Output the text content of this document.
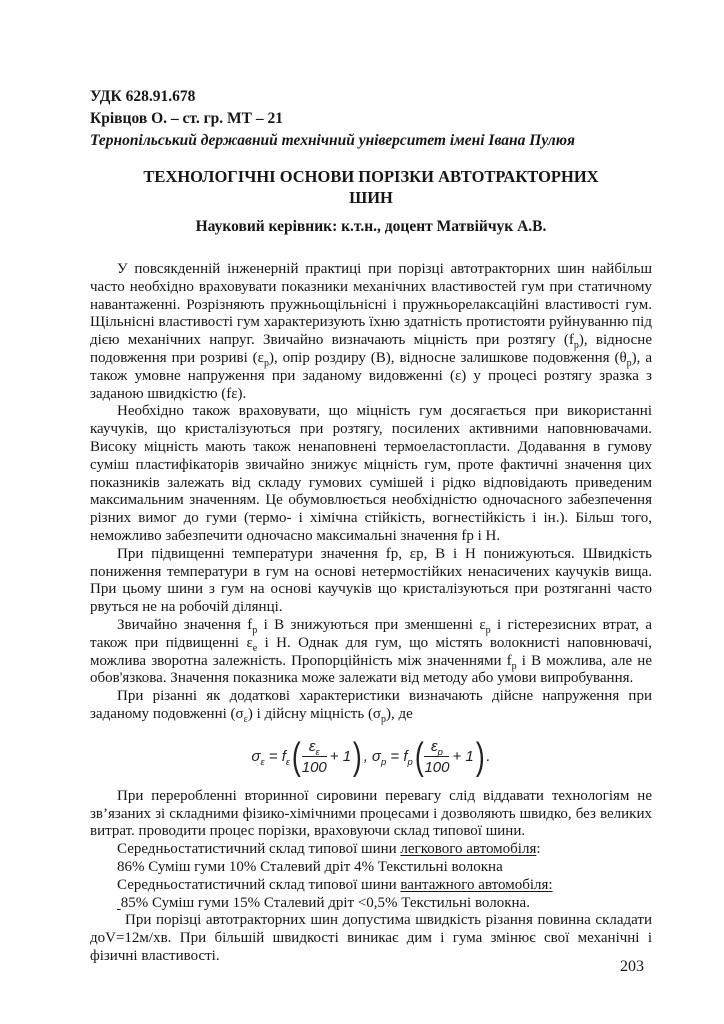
УДК 628.91.678
Крівцов О. – ст. гр. МТ – 21
Тернопільський державний технічний університет імені Івана Пулюя
ТЕХНОЛОГІЧНІ ОСНОВИ ПОРІЗКИ АВТОТРАКТОРНИХ
ШИН
Науковий керівник: к.т.н., доцент Матвійчук А.В.

У повсякденній інженерній практиці при порізці автотракторних шин найбільш часто необхідно враховувати показники механічних властивостей гум при статичному навантаженні. Розрізняють пружньощільнісні і пружньорелаксаційні властивості гум. Щільнісні властивості гум характеризують їхню здатність протистояти руйнуванню під дією механічних напруг. Звичайно визначають міцність при розтягу $(f_p)$, відносне подовження при розриві $(\varepsilon_p)$, опір роздиру (В), відносне залишкове подовження $(\theta_p)$, а також умовне напруження при заданому видовженні (ε) у процесі розтягу зразка з заданою швидкістю (fε).

Необхідно також враховувати, що міцність гум досягається при використанні каучуків, що кристалізуються при розтягу, посилених активними наповнювачами. Високу міцність мають також ненаповнені термоеластопласти. Додавання в гумову суміш пластифікаторів звичайно знижує міцність гум, проте фактичні значення цих показників залежать від складу гумових сумішей і рідко відповідають приведеним максимальним значенням. Це обумовлюється необхідністю одночасного забезпечення різних вимог до гуми (термо- і хімічна стійкість, вогнестійкість і ін.). Більш того, неможливо забезпечити одночасно максимальні значення fp і Н.

При підвищенні температури значення fp, εp, В і Н понижуються. Швидкість пониження температури в гум на основі нетермостійких ненасичених каучуків вища. При цьому шини з гум на основі каучуків що кристалізуються при розтяганні часто рвуться не на робочій ділянці.

Звичайно значення $f_p$ і В знижуються при зменшенні $\varepsilon_p$ і гістерезисних втрат, а також при підвищенні $\varepsilon_e$ і Н. Однак для гум, що містять волокнисті наповнювачі, можлива зворотна залежність. Пропорційність між значеннями $f_p$ і В можлива, але не обов'язкова. Значення показника може залежати від методу або умови випробування.

При різанні як додаткові характеристики визначають дійсне напруження при заданому подовженні $(\sigma_\varepsilon)$ і дійсну міцність $(\sigma_p)$, де

$\sigma_\varepsilon = f_\varepsilon( \frac{\varepsilon_\varepsilon}{100} + 1)$ , $\sigma_p = f_p( \frac{\varepsilon_p}{100} + 1)$ .

При переробленні вторинної сировини перевагу слід віддавати технологіям не зв’язаних зі складними фізико-хімічними процесами і дозволяють швидко, без великих витрат. проводити процес порізки, враховуючи склад типової шини.

Середньостатистичний склад типової шини легкового автомобіля:

86% Суміш гуми 10% Сталевий дріт 4% Текстильні волокна

Середньостатистичний склад типової шини вантажного автомобіля:

85% Суміш гуми 15% Сталевий дріт <0,5% Текстильні волокна.

При порізці автотракторних шин допустима швидкість різання повинна складати доV=12м/хв. При більшій швидкості виникає дим і гума змінює свої механічні і фізичні властивості.

203
